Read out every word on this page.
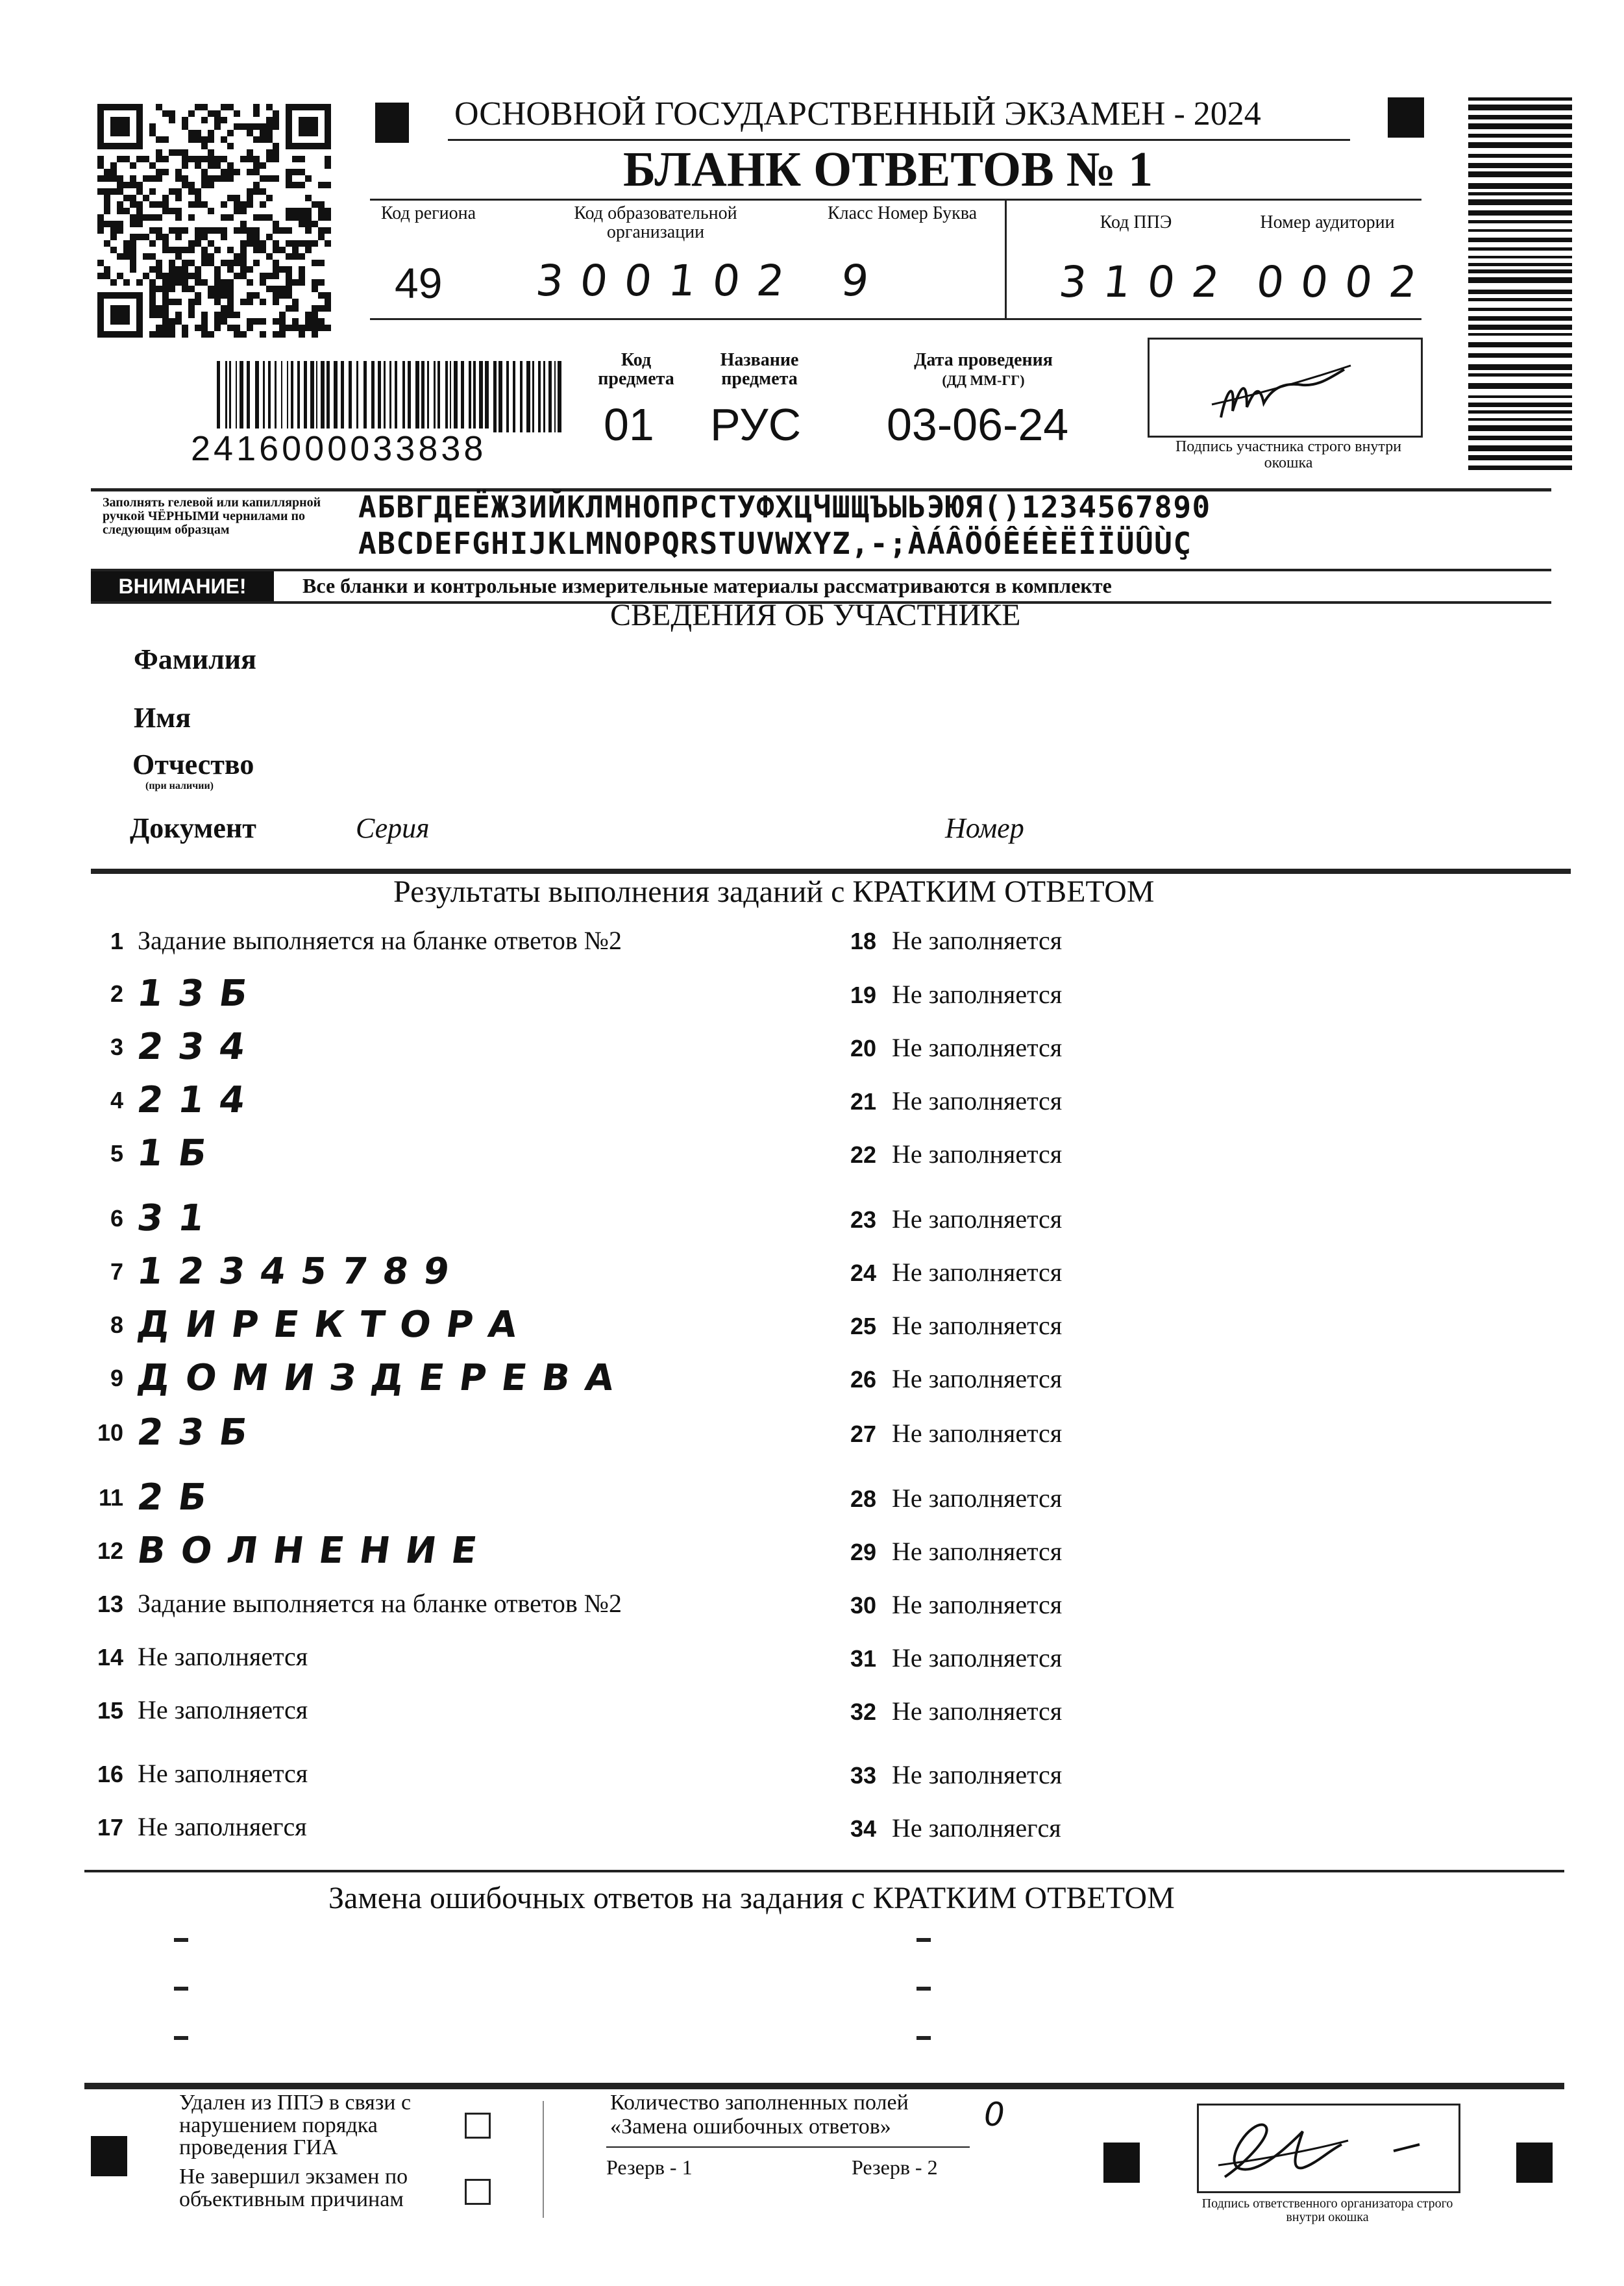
ОСНОВНОЙ ГОСУДАРСТВЕННЫЙ ЭКЗАМЕН - 2024
БЛАНК ОТВЕТОВ № 1
Код региона
49
Код образовательной организации
300102
Класс Номер Буква
9
Код ППЭ
3102
Номер аудитории
0002
2416000033838
Код предмета
01
Название предмета
РУС
Дата проведения
(ДД ММ-ГГ)
03-06-24	Подпись участника строго внутри окошка
Заполнять гелевой или капиллярной ручкой ЧЁРНЫМИ чернилами по следующим образцам
АБВГДЕЁЖЗИЙКЛМНОПРСТУФХЦЧШЩЪЫЬЭЮЯ()1234567890
ABCDEFGHIJKLMNOPQRSTUVWXYZ,-;ÀÁÂÖÓÊÉÈËÎÏÜÛÙÇ
ВНИМАНИЕ!	Все бланки и контрольные измерительные материалы рассматриваются в комплекте
СВЕДЕНИЯ ОБ УЧАСТНИКЕ
Фамилия
Имя
Отчество
(при наличии)
Документ	Серия	Номер
Результаты выполнения заданий с КРАТКИМ ОТВЕТОМ
1 Задание выполняется на бланке ответов №2
2 13Б
3 234
4 214
5 1Б
6 31
7 12345789
8 ДИРЕКТОРА
9 ДОМИЗДЕРЕВА
10 23Б
11 2Б
12 ВОЛНЕНИЕ
13 Задание выполняется на бланке ответов №2
14 Не заполняется
15 Не заполняется
16 Не заполняется
17 Не заполняегся
18 Не заполняется
19 Не заполняется
20 Не заполняется
21 Не заполняется
22 Не заполняется
23 Не заполняется
24 Не заполняется
25 Не заполняется
26 Не заполняется
27 Не заполняется
28 Не заполняется
29 Не заполняется
30 Не заполняется
31 Не заполняется
32 Не заполняется
33 Не заполняется
34 Не заполняегся
Замена ошибочных ответов на задания с КРАТКИМ ОТВЕТОМ
Удален из ППЭ в связи с нарушением порядка проведения ГИА
Не завершил экзамен по объективным причинам
Количество заполненных полей «Замена ошибочных ответов»	0
Резерв - 1	Резерв - 2
Подпись ответственного организатора строго внутри окошка
